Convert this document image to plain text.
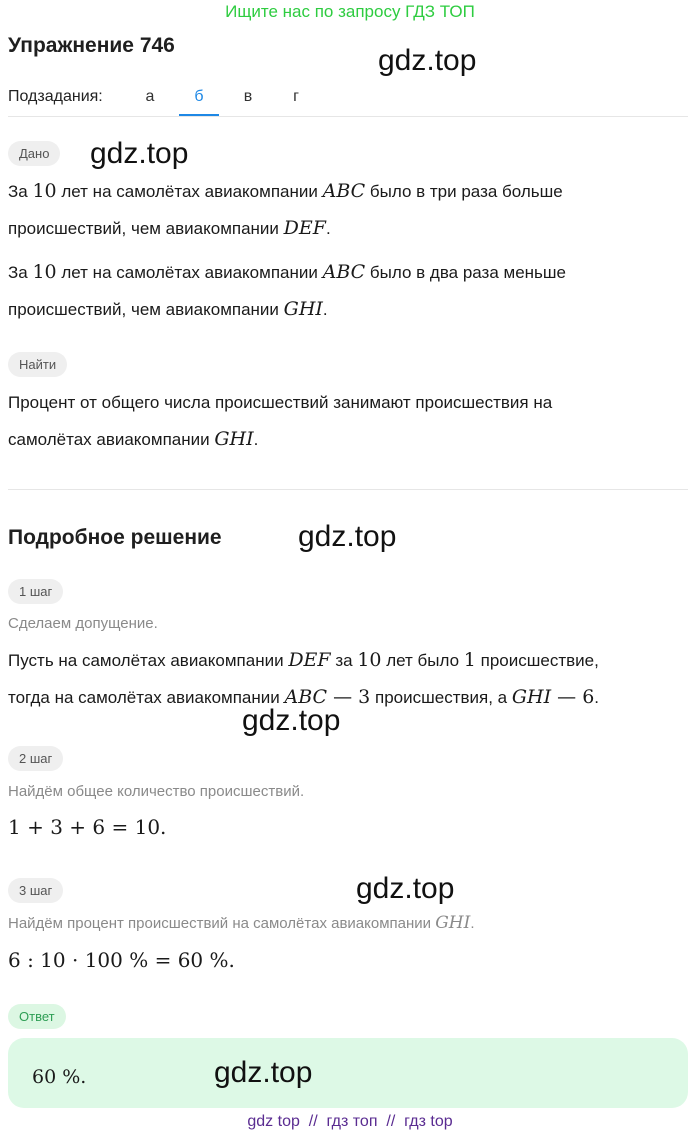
Ищите нас по запросу ГДЗ ТОП
Упражнение 746
Подзадания:	а	б	в	г
Дано
За 10 лет на самолётах авиакомпании ABC было в три раза больше
происшествий, чем авиакомпании DEF.
За 10 лет на самолётах авиакомпании ABC было в два раза меньше
происшествий, чем авиакомпании GHI.
Найти
Процент от общего числа происшествий занимают происшествия на
самолётах авиакомпании GHI.
Подробное решение
1 шаг
Сделаем допущение.
Пусть на самолётах авиакомпании DEF за 10 лет было 1 происшествие,
тогда на самолётах авиакомпании ABC — 3 происшествия, а GHI — 6.
2 шаг
Найдём общее количество происшествий.
1 + 3 + 6 = 10.
3 шаг
Найдём процент происшествий на самолётах авиакомпании GHI.
6 : 10 · 100 % = 60 %.
Ответ
60 %.
gdz.top
gdz.top
gdz.top
gdz.top
gdz.top
gdz.top
gdz top  //  гдз топ  //  гдз top
